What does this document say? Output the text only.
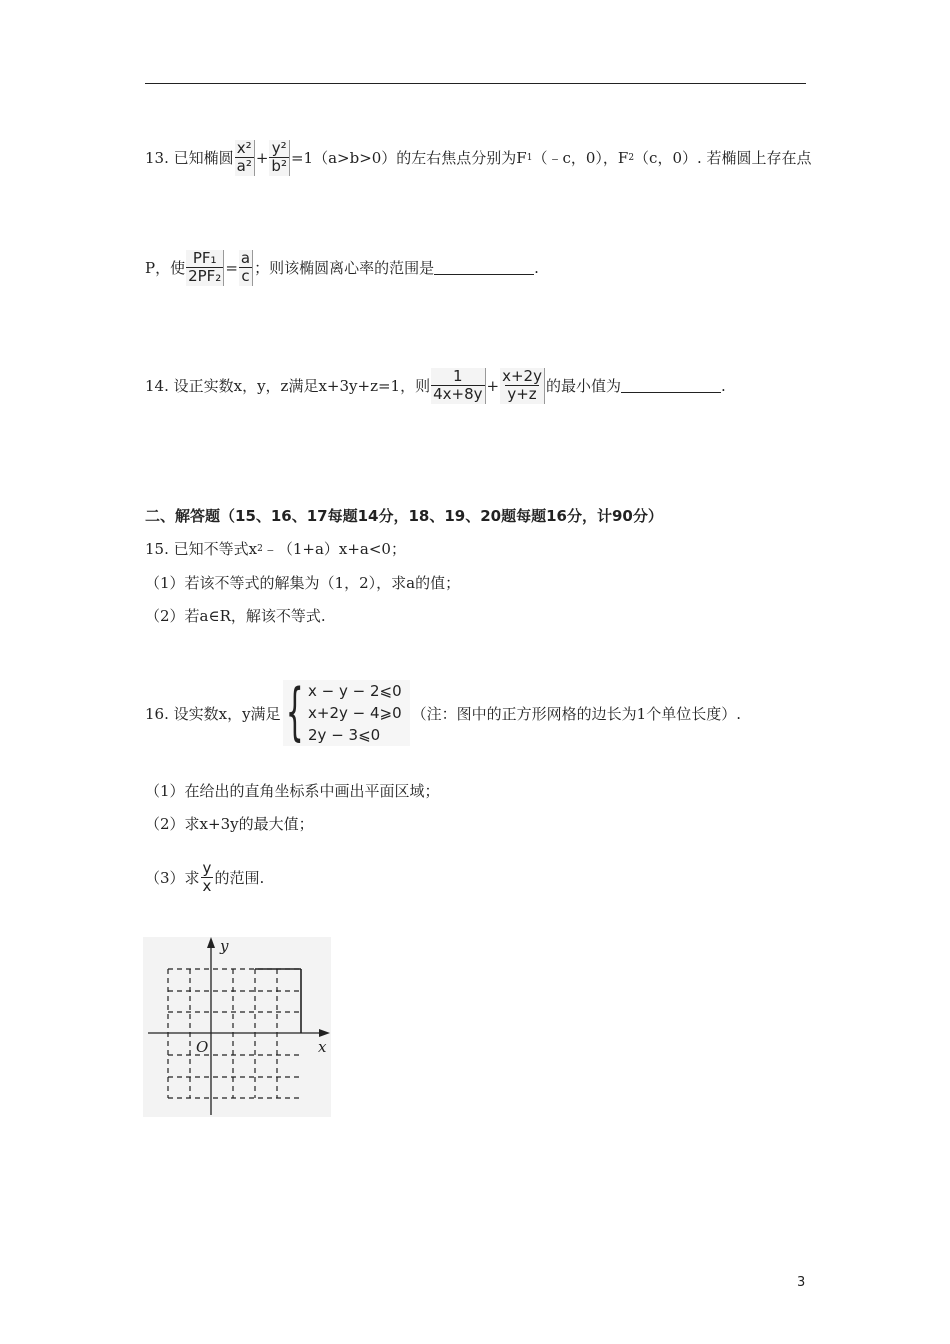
13. 已知椭圆 $\frac{\text{x²}}{\text{a²}} + \frac{\text{y²}}{\text{b²}} =1(a>b>0)$的左右焦点分别为F 1 （﹣c，0），F 2 （c，0）. 若椭圆上存在点
P，使 $\frac{\text{PF₁}}{\text{2PF₂}} = \frac{a}{c}$ ；则该椭圆离心率的范围是	.
14. 设正实数x，y，z满足x+3y+z=1，则 $\frac{1}{4x+8y} + \frac{x+2y}{y+z}$ 的最小值为	.
二、解答题（15、16、17每题14分，18、19、20题每题16分，计90分）
15. 已知不等式x 2 ﹣（1+a）x+a<0；
（1）若该不等式的解集为（1，2），求a的值；
（2）若a∈R，解该不等式.
16. 设实数x，y满足 { x − y − 2⩽0
x+2y − 4⩾0
2y − 3⩽0
（注：图中的正方形网格的边长为1个单位长度）.
（1）在给出的直角坐标系中画出平面区域；
（2）求x+3y的最大值；
（3）求 $\frac{y}{x}$ 的范围.
x
y
O
3
